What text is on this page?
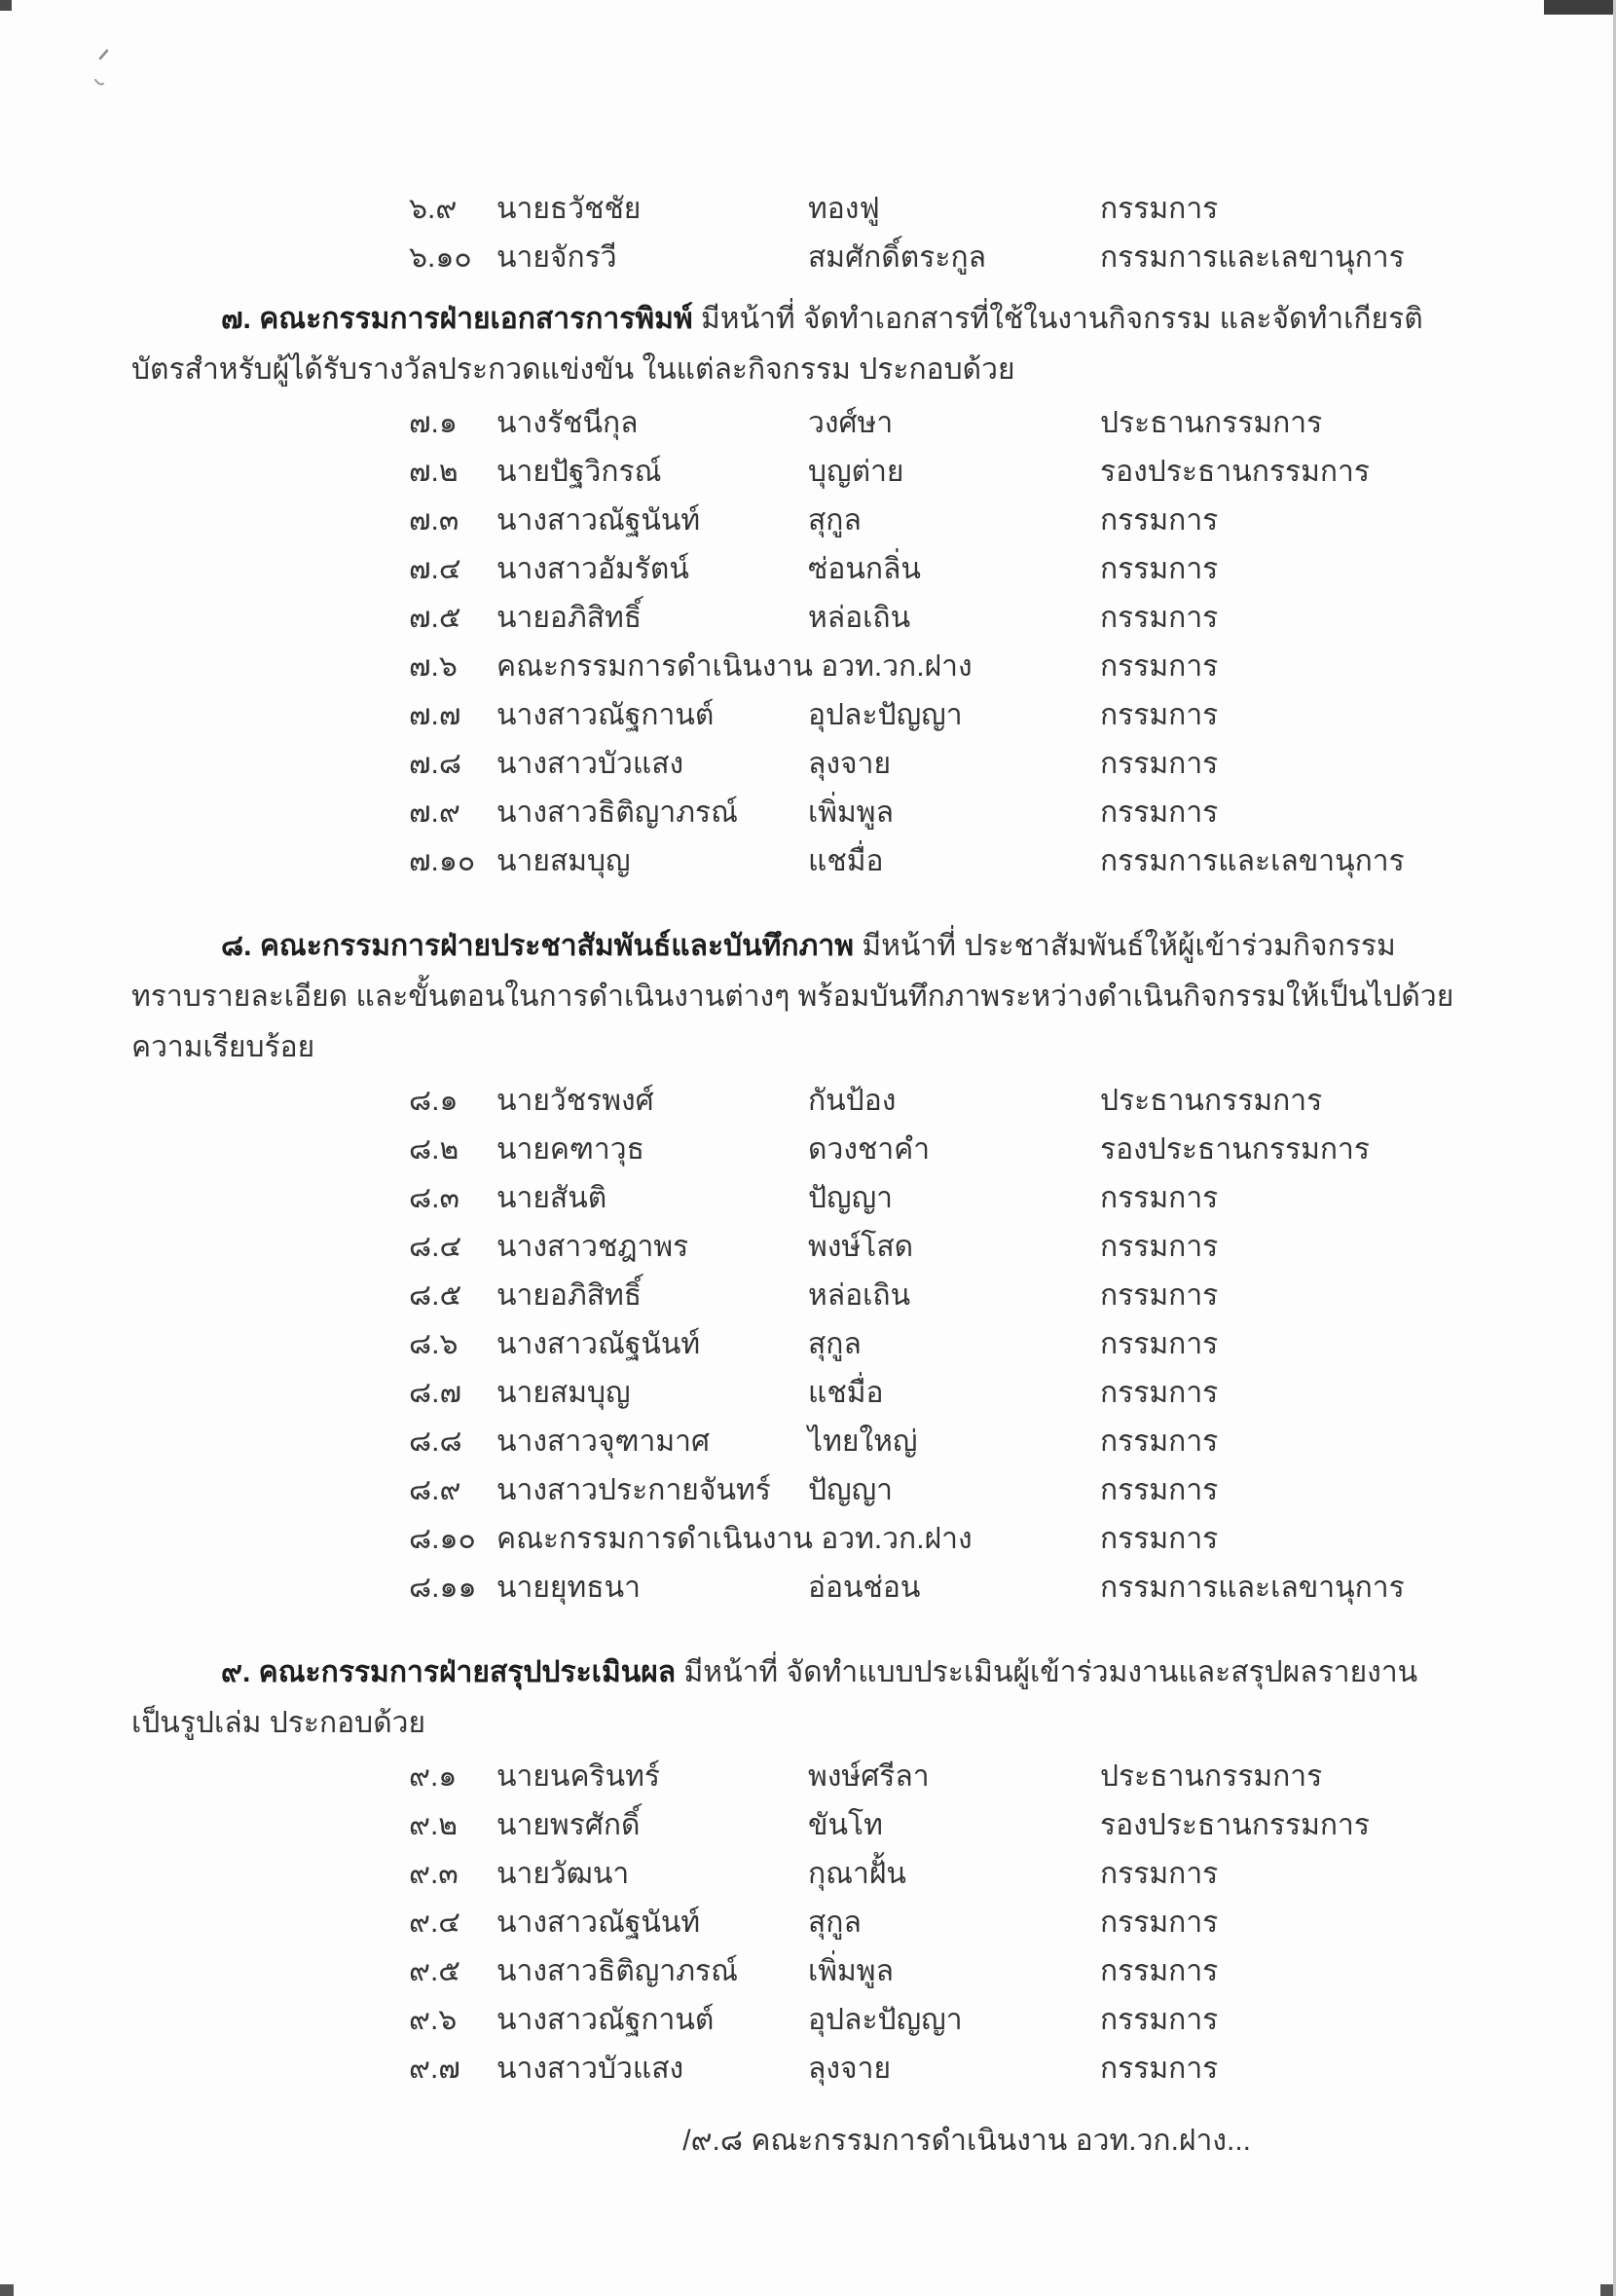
๖.๙	นายธวัชชัย	ทองฟู	กรรมการ
๖.๑๐ นายจักรวี	สมศักดิ์ตระกูล	กรรมการและเลขานุการ

๗. คณะกรรมการฝ่ายเอกสารการพิมพ์ มีหน้าที่ จัดทำเอกสารที่ใช้ในงานกิจกรรม และจัดทำเกียรติบัตรสำหรับผู้ได้รับรางวัลประกวดแข่งขัน ในแต่ละกิจกรรม ประกอบด้วย

๗.๑	นางรัชนีกุล	วงศ์ษา	ประธานกรรมการ
๗.๒	นายปัฐวิกรณ์	บุญต่าย	รองประธานกรรมการ
๗.๓	นางสาวณัฐนันท์	สุกูล	กรรมการ
๗.๔	นางสาวอัมรัตน์	ซ่อนกลิ่น	กรรมการ
๗.๕	นายอภิสิทธิ์	หล่อเถิน	กรรมการ
๗.๖	คณะกรรมการดำเนินงาน อวท.วก.ฝาง	กรรมการ
๗.๗	นางสาวณัฐกานต์	อุปละปัญญา	กรรมการ
๗.๘	นางสาวบัวแสง	ลุงจาย	กรรมการ
๗.๙	นางสาวธิติญาภรณ์	เพิ่มพูล	กรรมการ
๗.๑๐ นายสมบุญ	แชมื่อ	กรรมการและเลขานุการ

๘. คณะกรรมการฝ่ายประชาสัมพันธ์และบันทึกภาพ มีหน้าที่ ประชาสัมพันธ์ให้ผู้เข้าร่วมกิจกรรมทราบรายละเอียด และขั้นตอนในการดำเนินงานต่างๆ พร้อมบันทึกภาพระหว่างดำเนินกิจกรรมให้เป็นไปด้วยความเรียบร้อย

๘.๑	นายวัชรพงศ์	กันป้อง	ประธานกรรมการ
๘.๒	นายคฑาวุธ	ดวงชาคำ	รองประธานกรรมการ
๘.๓	นายสันติ	ปัญญา	กรรมการ
๘.๔	นางสาวชฎาพร	พงษ์โสด	กรรมการ
๘.๕	นายอภิสิทธิ์	หล่อเถิน	กรรมการ
๘.๖	นางสาวณัฐนันท์	สุกูล	กรรมการ
๘.๗	นายสมบุญ	แชมื่อ	กรรมการ
๘.๘	นางสาวจุฑามาศ	ไทยใหญ่	กรรมการ
๘.๙	นางสาวประกายจันทร์	ปัญญา	กรรมการ
๘.๑๐ คณะกรรมการดำเนินงาน อวท.วก.ฝาง	กรรมการ
๘.๑๑ นายยุทธนา	อ่อนช่อน	กรรมการและเลขานุการ

๙. คณะกรรมการฝ่ายสรุปประเมินผล มีหน้าที่ จัดทำแบบประเมินผู้เข้าร่วมงานและสรุปผลรายงานเป็นรูปเล่ม ประกอบด้วย

๙.๑	นายนครินทร์	พงษ์ศรีลา	ประธานกรรมการ
๙.๒	นายพรศักดิ์	ขันโท	รองประธานกรรมการ
๙.๓	นายวัฒนา	กุณาฝั้น	กรรมการ
๙.๔	นางสาวณัฐนันท์	สุกูล	กรรมการ
๙.๕	นางสาวธิติญาภรณ์	เพิ่มพูล	กรรมการ
๙.๖	นางสาวณัฐกานต์	อุปละปัญญา	กรรมการ
๙.๗	นางสาวบัวแสง	ลุงจาย	กรรมการ

/๙.๘ คณะกรรมการดำเนินงาน อวท.วก.ฝาง...
